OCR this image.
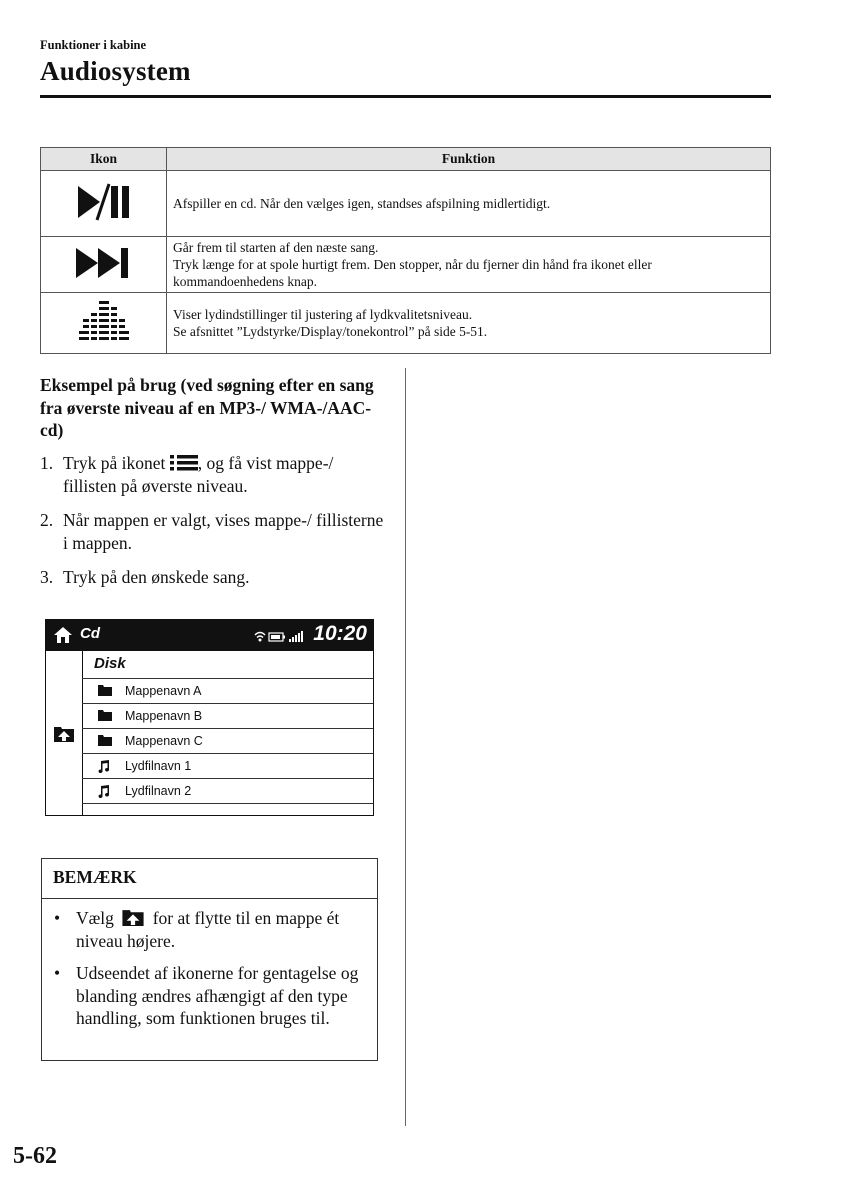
Funktioner i kabine
Audiosystem
Ikon	Funktion
	Afspiller en cd. Når den vælges igen, standses afspilning midlertidigt.

Går frem til starten af den næste sang.
Tryk længe for at spole hurtigt frem. Den stopper, når du fjerner din hånd fra ikonet eller
kommandoenhedens knap.

Viser lydindstillinger til justering af lydkvalitetsniveau.
Se afsnittet ”Lydstyrke/Display/tonekontrol” på side 5-51.
Eksempel på brug (ved søgning efter en sang fra øverste niveau af en MP3-/ WMA-/AAC-cd)
1. Tryk på ikonet , og få vist mappe-/ fillisten på øverste niveau.
2. Når mappen er valgt, vises mappe-/ fillisterne i mappen.
3. Tryk på den ønskede sang.
Cd	10:20
Disk
Mappenavn A
Mappenavn B
Mappenavn C
Lydfilnavn 1
Lydfilnavn 2
BEMÆRK
• Vælg  for at flytte til en mappe ét niveau højere.
• Udseendet af ikonerne for gentagelse og blanding ændres afhængigt af den type handling, som funktionen bruges til.
5-62
